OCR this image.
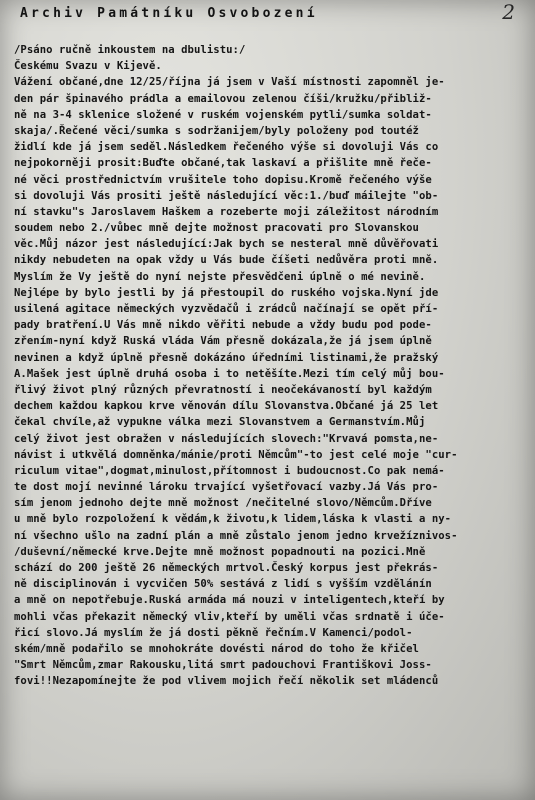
Archiv Památníku Osvobození	2
/Psáno ručně inkoustem na dbulistu:/
Českému Svazu v Kijevě.
Vážení občané,dne 12/25/října já jsem v Vaší místnosti zapomněl je-
den pár špinavého prádla a emailovou zelenou číši/kružku/přibliž-
ně na 3-4 sklenice složené v ruském vojenském pytli/sumka soldat-
skaja/.Řečené věci/sumka s sodržanijem/byly položeny pod toutéž
židlí kde já jsem seděl.Následkem řečeného výše si dovoluji Vás co
nejpokorněji prosit:Buďte občané,tak laskaví a přišlite mně řeče-
né věci prostřednictvím vrušitele toho dopisu.Kromě řečeného výše
si dovoluji Vás prositi ještě následující věc:1./buď máilejte "ob-
ní stavku"s Jaroslavem Haškem a rozeberte moji záležitost národním
soudem nebo 2./vůbec mně dejte možnost pracovati pro Slovanskou
věc.Můj názor jest následující:Jak bych se nesteral mně důvěřovati
nikdy nebudeten na opak vždy u Vás bude číšeti nedůvěra proti mně.
Myslím že Vy ještě do nyní nejste přesvědčeni úplně o mé nevině.
Nejlépe by bylo jestli by já přestoupil do ruského vojska.Nyní jde
usilená agitace německých vyzvědačů i zrádců načínají se opět pří-
pady bratření.U Vás mně nikdo věřiti nebude a vždy budu pod pode-
zřením-nyní když Ruská vláda Vám přesně dokázala,že já jsem úplně
nevinen a když úplně přesně dokázáno úředními listinami,že pražský
A.Mašek jest úplně druhá osoba i to netěšíte.Mezi tím celý můj bou-
řlivý život plný různých převratností i neočekávaností byl každým
dechem každou kapkou krve věnován dílu Slovanstva.Občané já 25 let
čekal chvíle,až vypukne válka mezi Slovanstvem a Germanstvím.Můj
celý život jest obražen v následujících slovech:"Krvavá pomsta,ne-
návist i utkvělá domněnka/mánie/proti Němcům"-to jest celé moje "cur-
riculum vitae",dogmat,minulost,přítomnost i budoucnost.Co pak nemá-
te dost mojí nevinné lároku trvající vyšetřovací vazby.Já Vás pro-
sím jenom jednoho dejte mně možnost /nečitelné slovo/Němcům.Dříve
u mně bylo rozpoložení k vědám,k životu,k lidem,láska k vlasti a ny-
ní všechno ušlo na zadní plán a mně zůstalo jenom jedno krvežíznivos-
/duševní/německé krve.Dejte mně možnost popadnouti na pozici.Mně
schází do 200 ještě 26 německých mrtvol.Český korpus jest překrás-
ně disciplinován i vycvičen 50% sestává z lidí s vyšším vzdělánín
a mně on nepotřebuje.Ruská armáda má nouzi v inteligentech,kteří by
mohli včas překazit německý vliv,kteří by uměli včas srdnatě i úče-
řicí slovo.Já myslím že já dosti pěkně řečním.V Kamenci/podol-
ském/mně podařilo se mnohokráte dovésti národ do toho že křičel
"Smrt Němcům,zmar Rakousku,litá smrt padouchovi Františkovi Joss-
fovi!!Nezapomínejte že pod vlivem mojich řečí několik set mládenců
